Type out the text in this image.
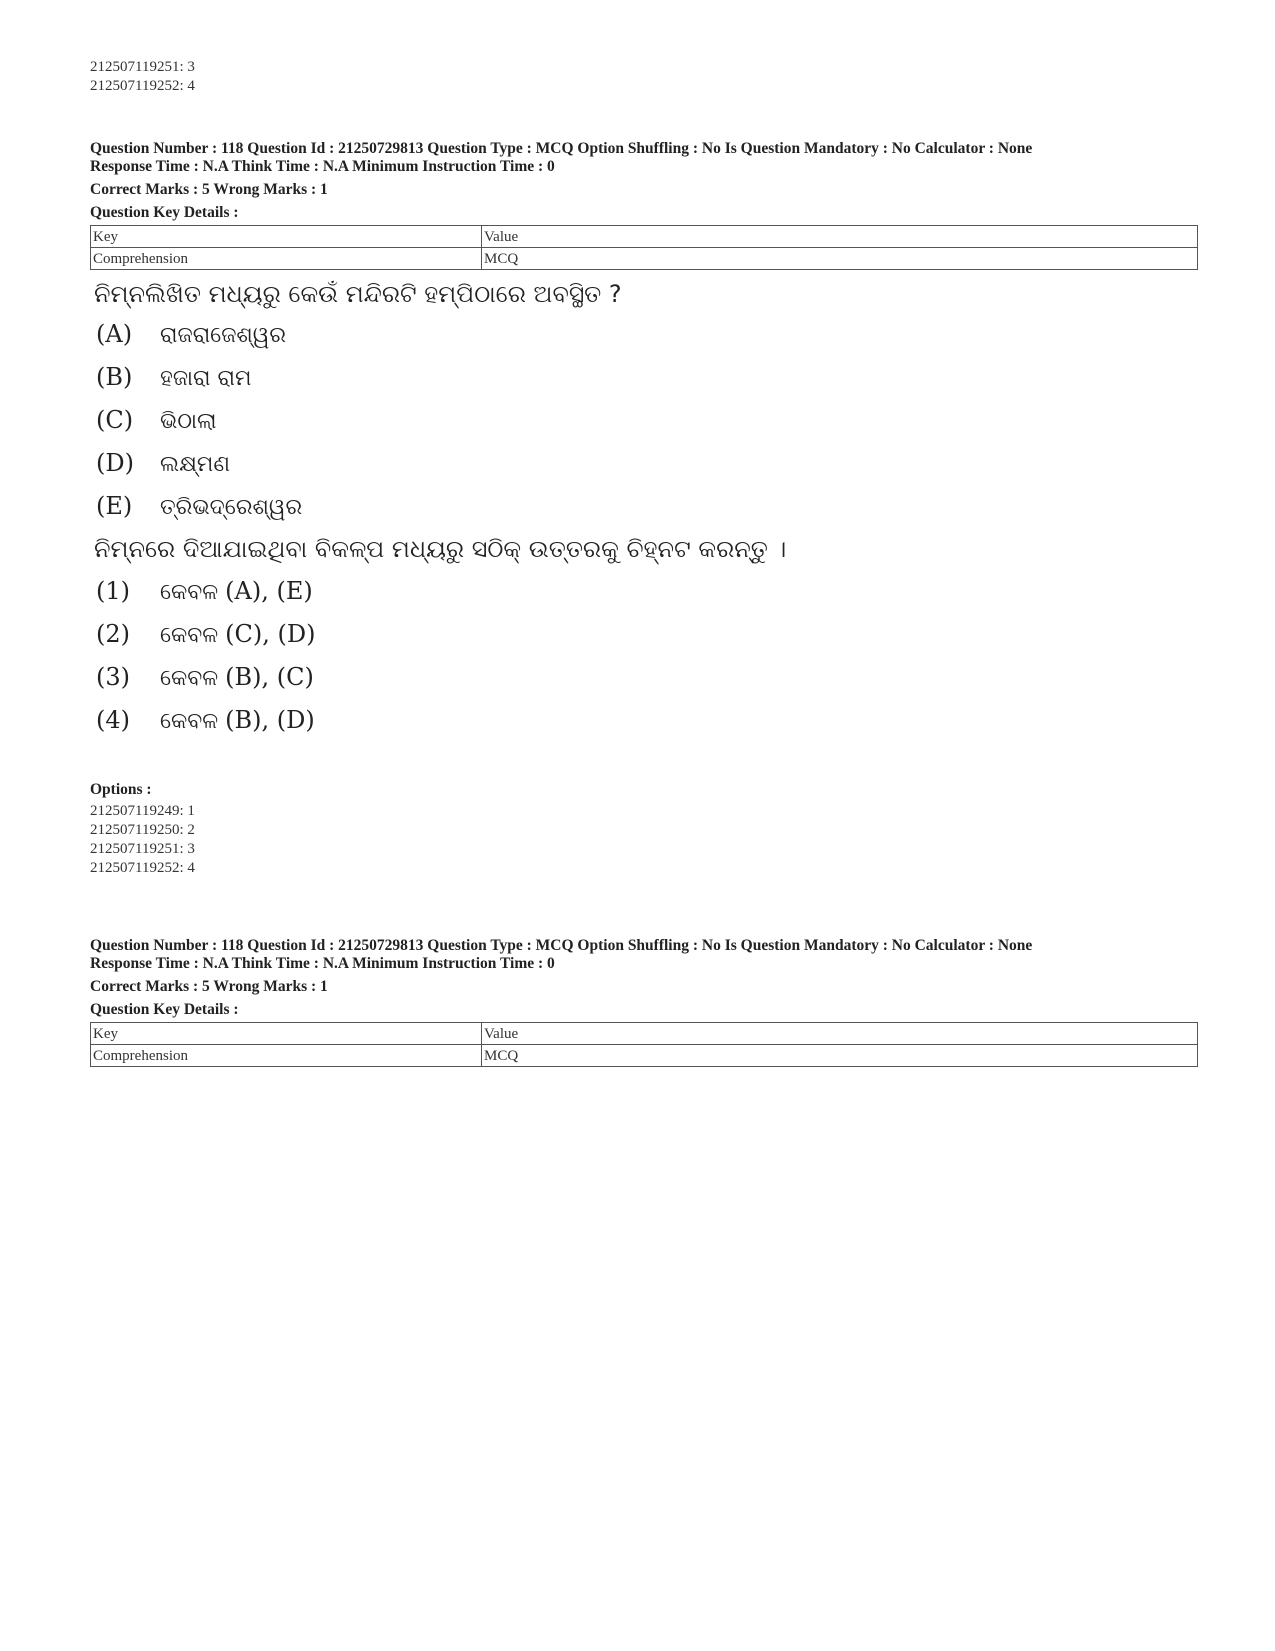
212507119251: 3
212507119252: 4
Question Number : 118 Question Id : 21250729813 Question Type : MCQ Option Shuffling : No Is Question Mandatory : No Calculator : None
Response Time : N.A Think Time : N.A Minimum Instruction Time : 0
Correct Marks : 5 Wrong Marks : 1
Question Key Details :
Key	Value
Comprehension	MCQ
ନିମ୍ନଲିଖିତ ମଧ୍ୟରୁ କେଉଁ ମନ୍ଦିରଟି ହମ୍ପିଠାରେ ଅବସ୍ଥିତ ?
(A) ରାଜରାଜେଶ୍ୱର
(B) ହଜାରା ରାମ
(C) ଭିଠାଲା
(D) ଲକ୍ଷ୍ମଣ
(E) ତ୍ରିଭଦ୍ରେଶ୍ୱର
ନିମ୍ନରେ ଦିଆଯାଇଥିବା ବିକଳ୍ପ ମଧ୍ୟରୁ ସଠିକ୍ ଉତ୍ତରକୁ ଚିହ୍ନଟ କରନ୍ତୁ ।
(1) କେବଳ (A), (E)
(2) କେବଳ (C), (D)
(3) କେବଳ (B), (C)
(4) କେବଳ (B), (D)
Options :
212507119249: 1
212507119250: 2
212507119251: 3
212507119252: 4
Question Number : 118 Question Id : 21250729813 Question Type : MCQ Option Shuffling : No Is Question Mandatory : No Calculator : None
Response Time : N.A Think Time : N.A Minimum Instruction Time : 0
Correct Marks : 5 Wrong Marks : 1
Question Key Details :
Key	Value
Comprehension	MCQ
